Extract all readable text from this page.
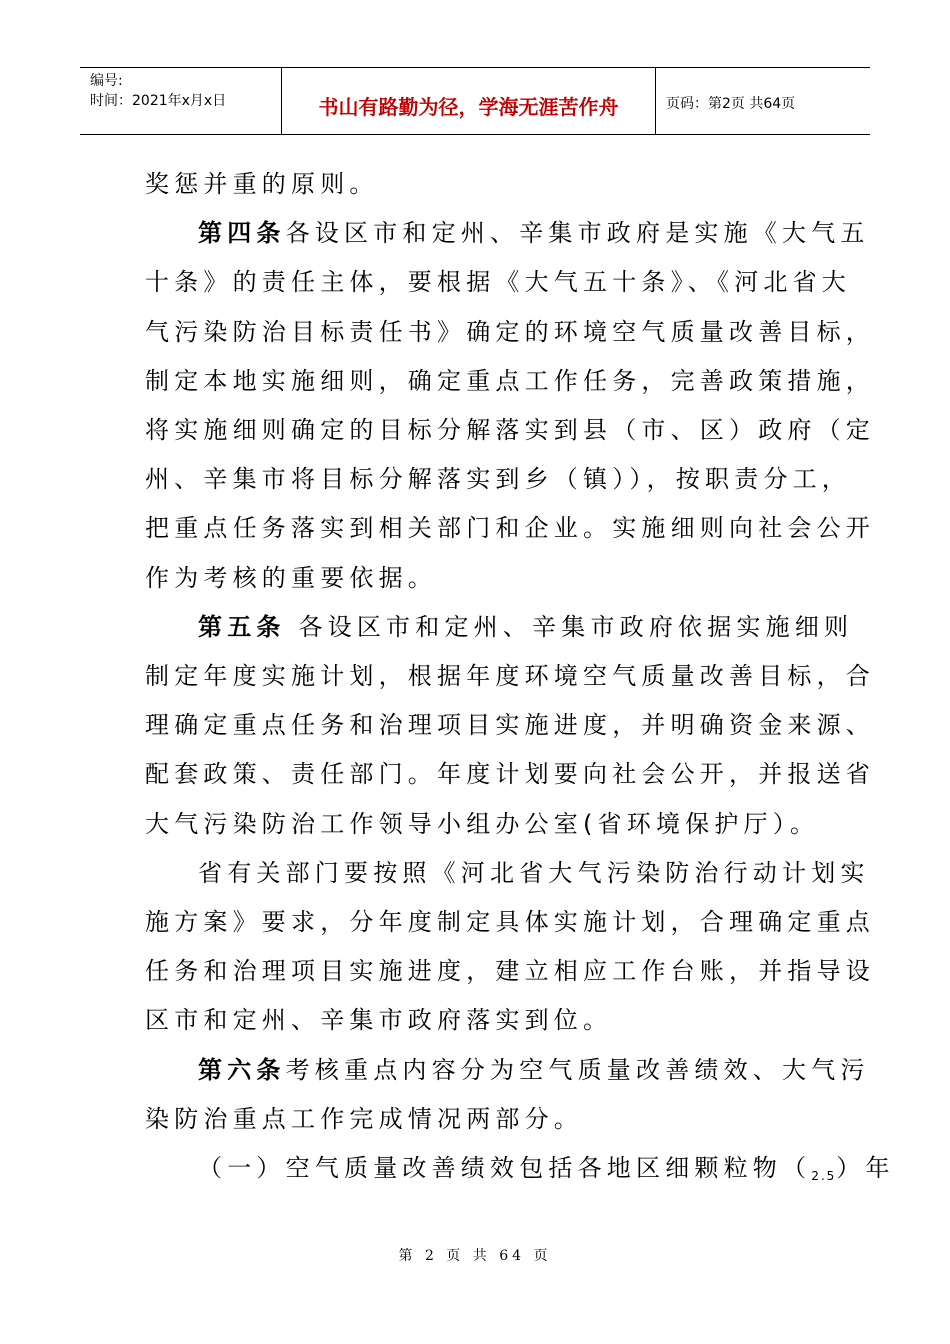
编号:
时间：2021年x月x日	书山有路勤为径，学海无涯苦作舟	页码：第2页 共64页

奖惩并重的原则。

第四条各设区市和定州、辛集市政府是实施《大气五

十条》的责任主体，要根据《大气五十条》、《河北省大

气污染防治目标责任书》确定的环境空气质量改善目标，

制定本地实施细则，确定重点工作任务，完善政策措施，

将实施细则确定的目标分解落实到县（市、区）政府（定

州、辛集市将目标分解落实到乡（镇）），按职责分工，

把重点任务落实到相关部门和企业。实施细则向社会公开

作为考核的重要依据。

第五条 各设区市和定州、辛集市政府依据实施细则

制定年度实施计划，根据年度环境空气质量改善目标，合

理确定重点任务和治理项目实施进度，并明确资金来源、

配套政策、责任部门。年度计划要向社会公开，并报送省

大气污染防治工作领导小组办公室(省环境保护厅）。

省有关部门要按照《河北省大气污染防治行动计划实

施方案》要求，分年度制定具体实施计划，合理确定重点

任务和治理项目实施进度，建立相应工作台账，并指导设

区市和定州、辛集市政府落实到位。

第六条考核重点内容分为空气质量改善绩效、大气污

染防治重点工作完成情况两部分。

（一）空气质量改善绩效包括各地区细颗粒物$(_{2.5})$年

第 2 页 共 64 页
